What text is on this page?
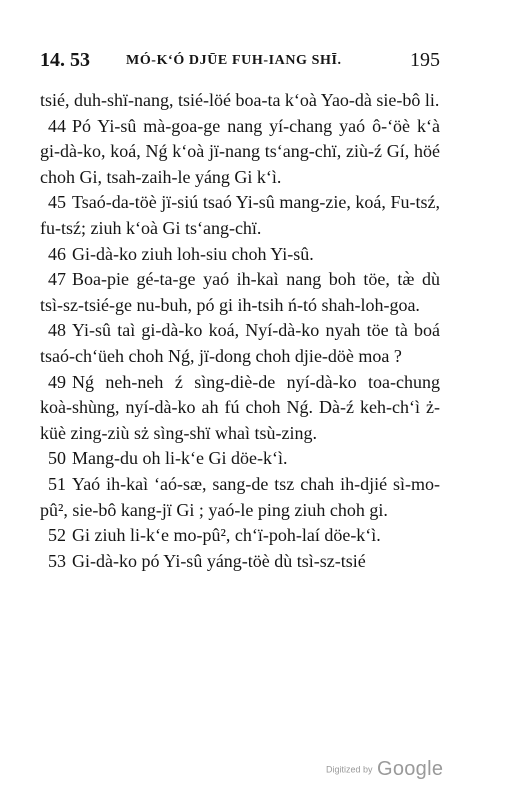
14. 53	MÓ-K‘Ó DJŪE FUH-IANG SHĪ.	195

tsié, duh-shï-nang, tsié-löé boa-ta k‘oà Yao-dà sie-bô li.

44 Pó Yi-sû mà-goa-ge nang yí-chang yaó ô-‘öè k‘à gi-dà-ko, koá, Nǵ k‘oà jï-nang ts‘ang-chï, ziù-ź Gí, höé choh Gi, tsah-zaih-le yáng Gi k‘ì.

45 Tsaó-da-töè jï-siú tsaó Yi-sû mang-zie, koá, Fu-tsź, fu-tsź; ziuh k‘oà Gi ts‘ang-chï.

46 Gi-dà-ko ziuh loh-siu choh Yi-sû.

47 Boa-pie gé-ta-ge yaó ih-kaì nang boh töe, tæ̀ dù tsì-sz-tsié-ge nu-buh, pó gi ih-tsih ń-tó shah-loh-goa.

48 Yi-sû taì gi-dà-ko koá, Nyí-dà-ko nyah töe tà boá tsaó-ch‘üeh choh Nǵ, jï-dong choh djie-döè moa ?

49 Nǵ neh-neh ź sìng-diè-de nyí-dà-ko toa-chung koà-shùng, nyí-dà-ko ah fú choh Nǵ. Dà-ź keh-ch‘ì ż-küè zing-ziù sż sìng-shï whaì tsù-zing.

50 Mang-du oh li-k‘e Gi döe-k‘ì.

51 Yaó ih-kaì ‘aó-sæ, sang-de tsz chah ih-djié sì-mo-pû², sie-bô kang-jï Gi ; yaó-le ping ziuh choh gi.

52 Gi ziuh li-k‘e mo-pû², ch‘ï-poh-laí döe-k‘ì.

53 Gi-dà-ko pó Yi-sû yáng-töè dù tsì-sz-tsié

Digitized by Google
